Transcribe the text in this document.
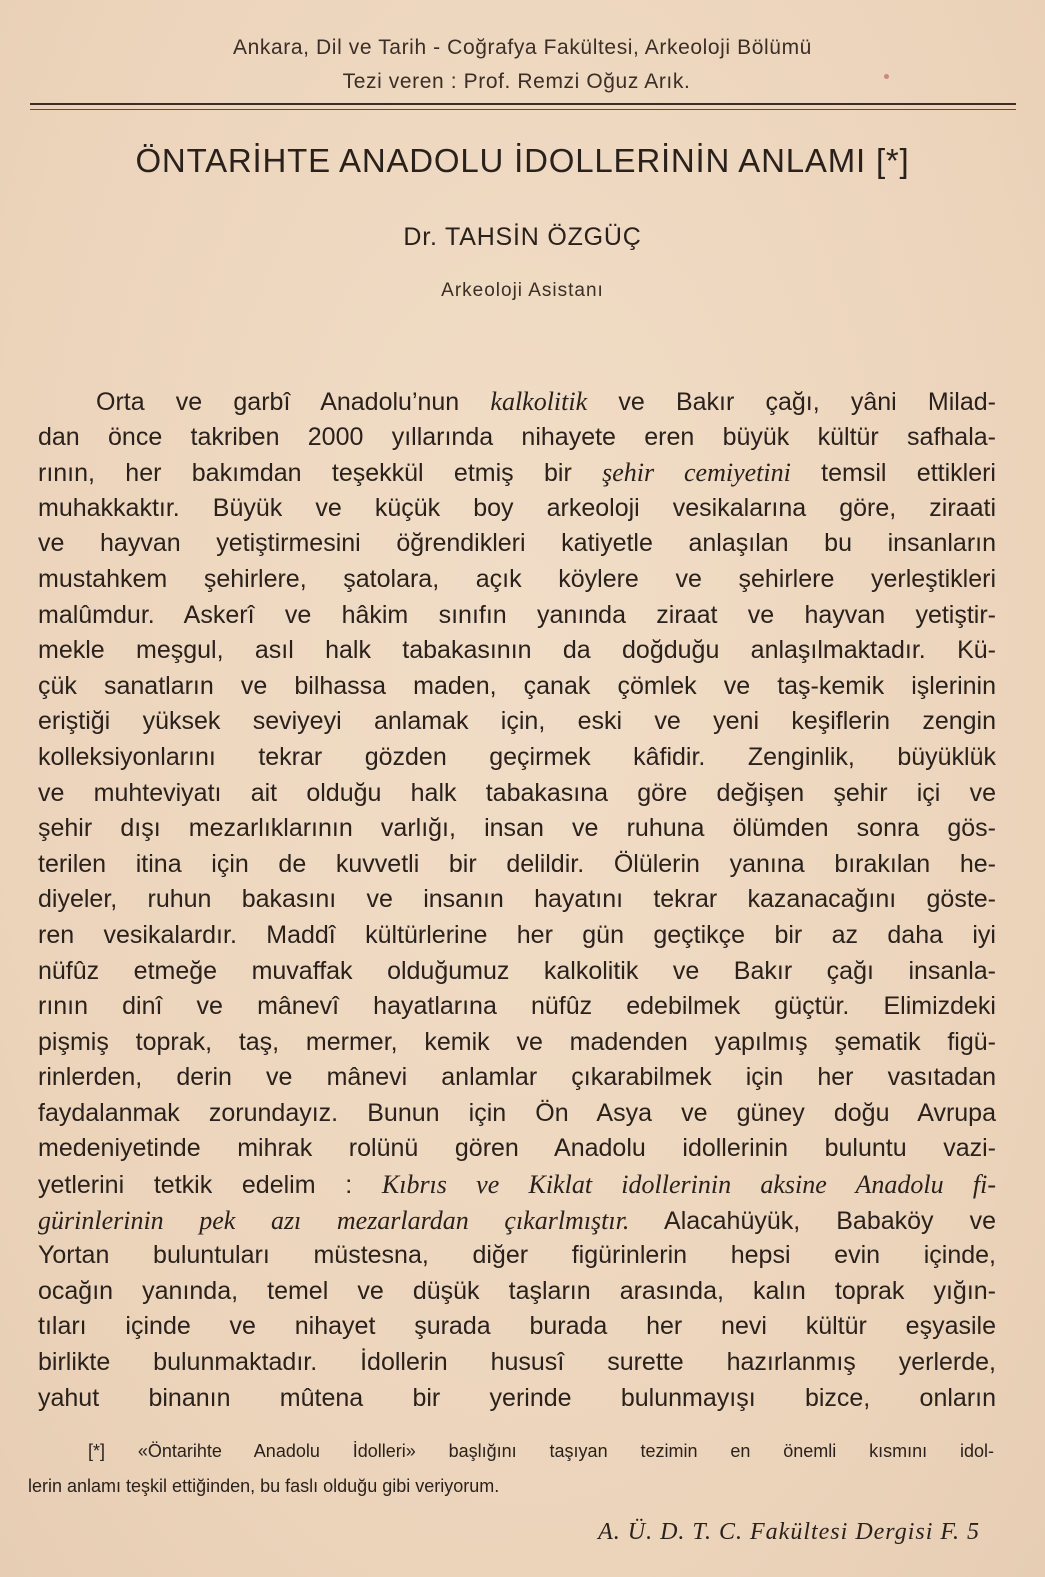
Ankara, Dil ve Tarih - Coğrafya Fakültesi, Arkeoloji Bölümü
Tezi veren : Prof. Remzi Oğuz Arık.
ÖNTARİHTE ANADOLU İDOLLERİNİN ANLAMI [*]
Dr. TAHSİN ÖZGÜÇ
Arkeoloji Asistanı
Orta ve garbî Anadolu’nun kalkolitik ve Bakır çağı, yâni Milad-
dan önce takriben 2000 yıllarında nihayete eren büyük kültür safhala-
rının, her bakımdan teşekkül etmiş bir şehir cemiyetini temsil ettikleri
muhakkaktır. Büyük ve küçük boy arkeoloji vesikalarına göre, ziraati
ve hayvan yetiştirmesini öğrendikleri katiyetle anlaşılan bu insanların
mustahkem şehirlere, şatolara, açık köylere ve şehirlere yerleştikleri
malûmdur. Askerî ve hâkim sınıfın yanında ziraat ve hayvan yetiştir-
mekle meşgul, asıl halk tabakasının da doğduğu anlaşılmaktadır. Kü-
çük sanatların ve bilhassa maden, çanak çömlek ve taş-kemik işlerinin
eriştiği yüksek seviyeyi anlamak için, eski ve yeni keşiflerin zengin
kolleksiyonlarını tekrar gözden geçirmek kâfidir. Zenginlik, büyüklük
ve muhteviyatı ait olduğu halk tabakasına göre değişen şehir içi ve
şehir dışı mezarlıklarının varlığı, insan ve ruhuna ölümden sonra gös-
terilen itina için de kuvvetli bir delildir. Ölülerin yanına bırakılan he-
diyeler, ruhun bakasını ve insanın hayatını tekrar kazanacağını göste-
ren vesikalardır. Maddî kültürlerine her gün geçtikçe bir az daha iyi
nüfûz etmeğe muvaffak olduğumuz kalkolitik ve Bakır çağı insanla-
rının dinî ve mânevî hayatlarına nüfûz edebilmek güçtür. Elimizdeki
pişmiş toprak, taş, mermer, kemik ve madenden yapılmış şematik figü-
rinlerden, derin ve mânevi anlamlar çıkarabilmek için her vasıtadan
faydalanmak zorundayız. Bunun için Ön Asya ve güney doğu Avrupa
medeniyetinde mihrak rolünü gören Anadolu idollerinin buluntu vazi-
yetlerini tetkik edelim : Kıbrıs ve Kiklat idollerinin aksine Anadolu fi-
gürinlerinin pek azı mezarlardan çıkarlmıştır. Alacahüyük, Babaköy ve
Yortan buluntuları müstesna, diğer figürinlerin hepsi evin içinde,
ocağın yanında, temel ve düşük taşların arasında, kalın toprak yığın-
tıları içinde ve nihayet şurada burada her nevi kültür eşyasile
birlikte bulunmaktadır. İdollerin hususî surette hazırlanmış yerlerde,
yahut binanın mûtena bir yerinde bulunmayışı bizce, onların
[*] «Öntarihte Anadolu İdolleri» başlığını taşıyan tezimin en önemli kısmını idol-
lerin anlamı teşkil ettiğinden, bu faslı olduğu gibi veriyorum.
A. Ü. D. T. C. Fakültesi Dergisi F. 5
